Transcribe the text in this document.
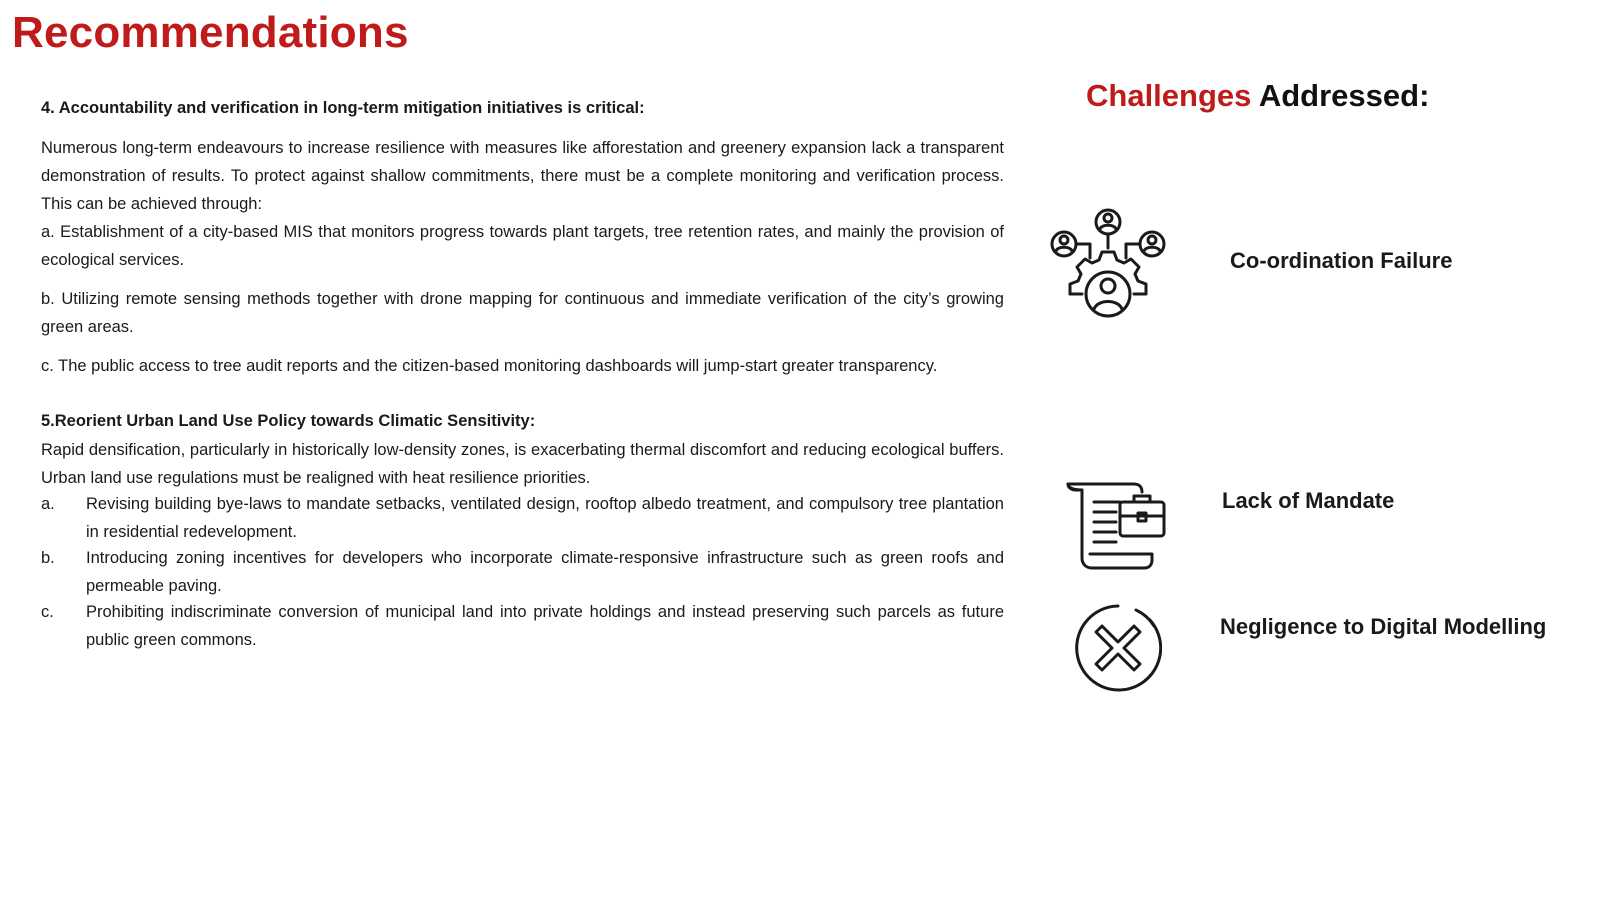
Recommendations
4. Accountability and verification in long-term mitigation initiatives is critical:

Numerous long-term endeavours to increase resilience with measures like afforestation and greenery expansion lack a transparent demonstration of results. To protect against shallow commitments, there must be a complete monitoring and verification process. This can be achieved through:

a. Establishment of a city-based MIS that monitors progress towards plant targets, tree retention rates, and mainly the provision of ecological services.

b. Utilizing remote sensing methods together with drone mapping for continuous and immediate verification of the city’s growing green areas.

c. The public access to tree audit reports and the citizen-based monitoring dashboards will jump-start greater transparency.

5.Reorient Urban Land Use Policy towards Climatic Sensitivity:

Rapid densification, particularly in historically low-density zones, is exacerbating thermal discomfort and reducing ecological buffers. Urban land use regulations must be realigned with heat resilience priorities.

a.	Revising building bye-laws to mandate setbacks, ventilated design, rooftop albedo treatment, and compulsory tree plantation in residential redevelopment.
b.	Introducing zoning incentives for developers who incorporate climate-responsive infrastructure such as green roofs and permeable paving.
c.	Prohibiting indiscriminate conversion of municipal land into private holdings and instead preserving such parcels as future public green commons.
Challenges Addressed:
Co-ordination Failure
Lack of Mandate
Negligence to Digital Modelling
